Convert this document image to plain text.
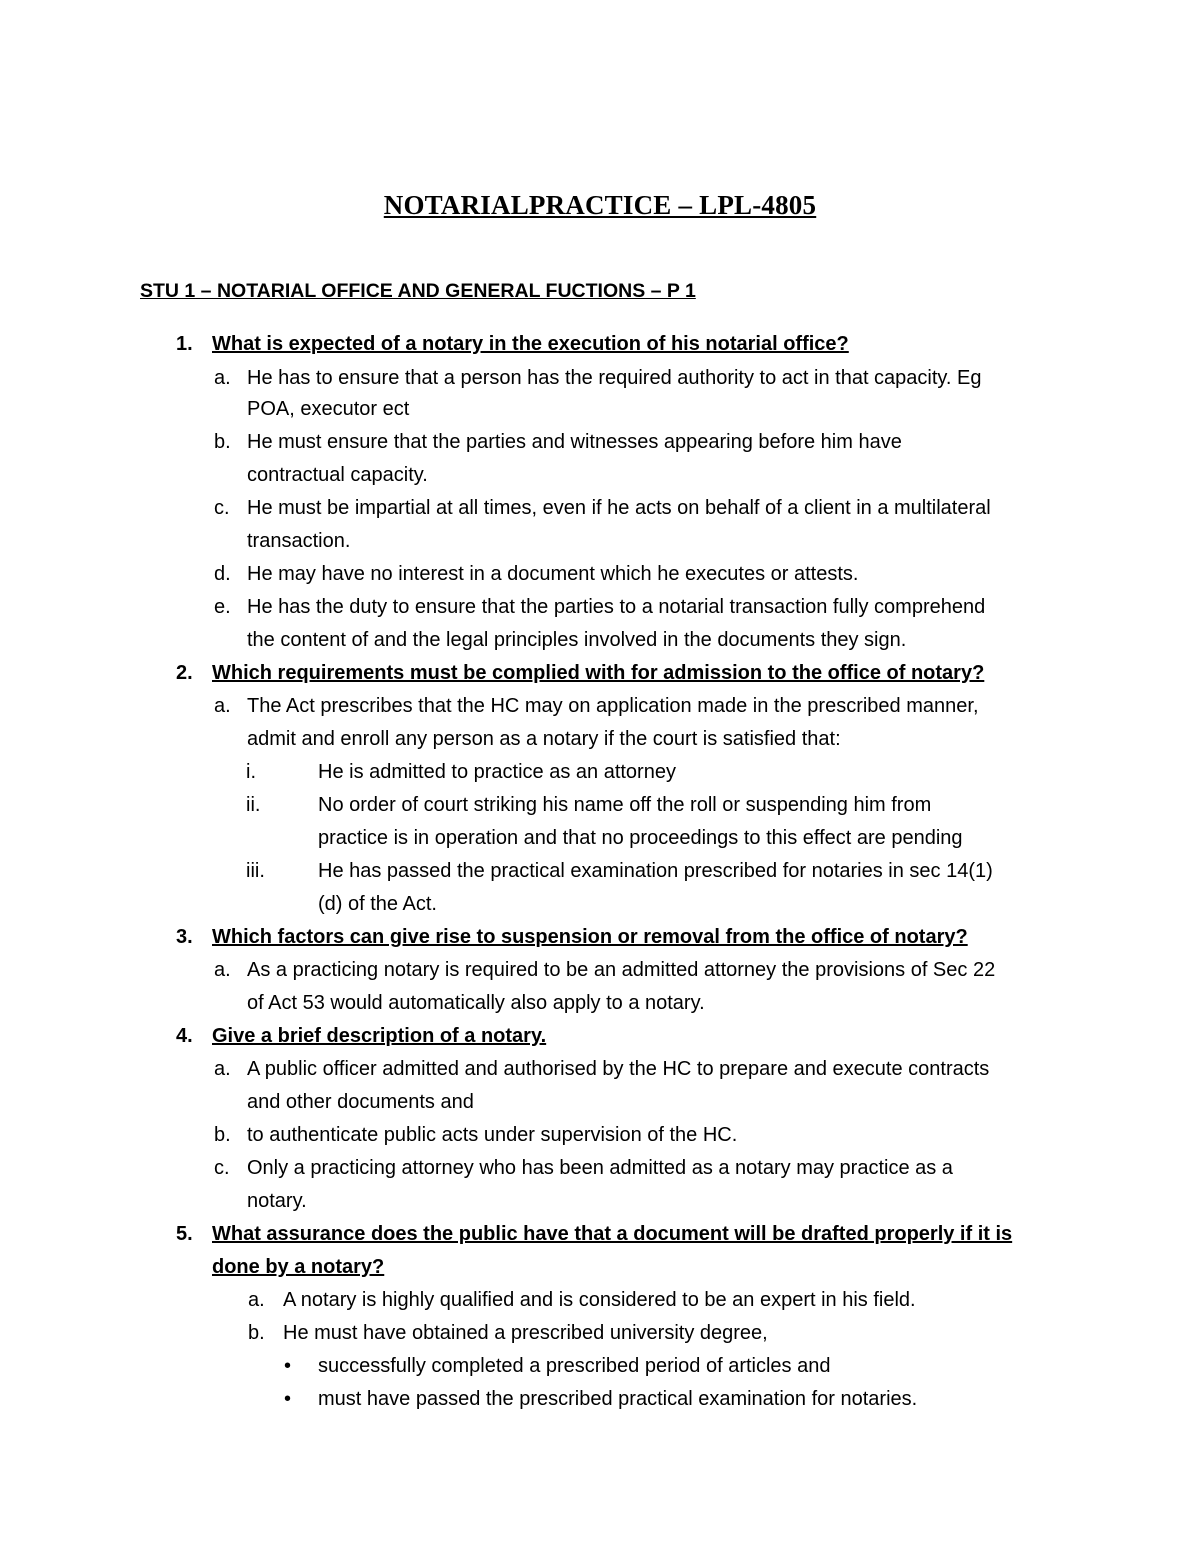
NOTARIALPRACTICE – LPL-4805
STU 1 – NOTARIAL OFFICE AND GENERAL FUCTIONS – P 1
1. What is expected of a notary in the execution of his notarial office?
a. He has to ensure that a person has the required authority to act in that capacity. Eg
POA, executor ect
b. He must ensure that the parties and witnesses appearing before him have
contractual capacity.
c. He must be impartial at all times, even if he acts on behalf of a client in a multilateral
transaction.
d. He may have no interest in a document which he executes or attests.
e. He has the duty to ensure that the parties to a notarial transaction fully comprehend
the content of and the legal principles involved in the documents they sign.
2. Which requirements must be complied with for admission to the office of notary?
a. The Act prescribes that the HC may on application made in the prescribed manner,
admit and enroll any person as a notary if the court is satisfied that:
i.	He is admitted to practice as an attorney
ii.	No order of court striking his name off the roll or suspending him from
practice is in operation and that no proceedings to this effect are pending
iii.	He has passed the practical examination prescribed for notaries in sec 14(1)
(d) of the Act.
3. Which factors can give rise to suspension or removal from the office of notary?
a. As a practicing notary is required to be an admitted attorney the provisions of Sec 22
of Act 53 would automatically also apply to a notary.
4. Give a brief description of a notary.
a. A public officer admitted and authorised by the HC to prepare and execute contracts
and other documents and
b. to authenticate public acts under supervision of the HC.
c. Only a practicing attorney who has been admitted as a notary may practice as a
notary.
5. What assurance does the public have that a document will be drafted properly if it is
done by a notary?
a. A notary is highly qualified and is considered to be an expert in his field.
b. He must have obtained a prescribed university degree,
• successfully completed a prescribed period of articles and
• must have passed the prescribed practical examination for notaries.
